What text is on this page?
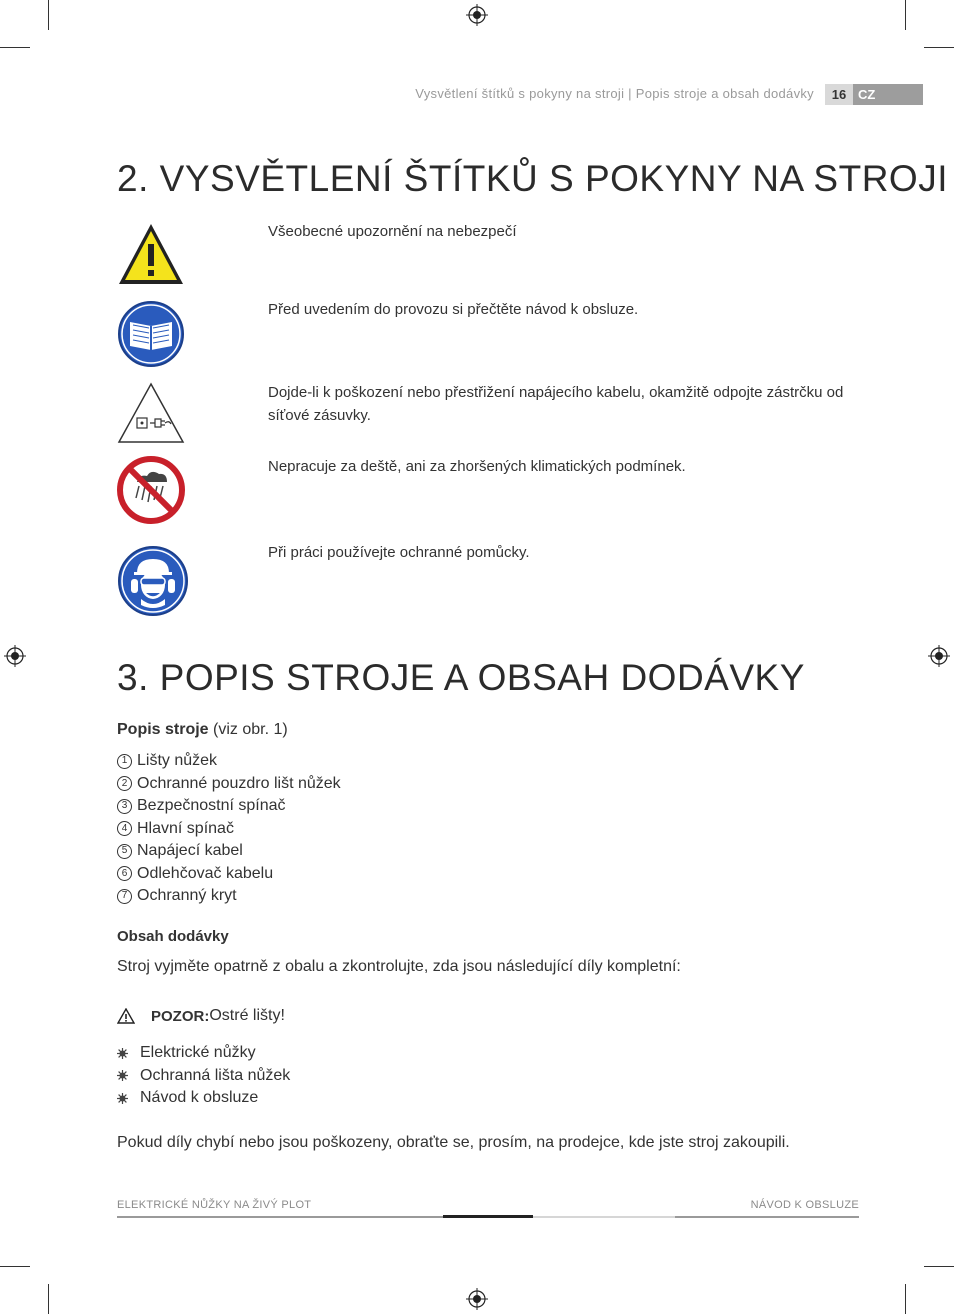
Vysvětlení štítků s pokyny na stroji | Popis stroje a obsah dodávky	16 CZ
2. VYSVĚTLENÍ ŠTÍTKŮ S POKYNY NA STROJI
Všeobecné upozornění na nebezpečí
Před uvedením do provozu si přečtěte návod k obsluze.
Dojde-li k poškození nebo přestřižení napájecího kabelu, okamžitě odpojte zástrčku od síťové zásuvky.
Nepracuje za deště, ani za zhoršených klimatických podmínek.
Při práci používejte ochranné pomůcky.
3. POPIS STROJE A OBSAH DODÁVKY
Popis stroje (viz obr. 1)
1 Lišty nůžek
2 Ochranné pouzdro lišt nůžek
3 Bezpečnostní spínač
4 Hlavní spínač
5 Napájecí kabel
6 Odlehčovač kabelu
7 Ochranný kryt
Obsah dodávky
Stroj vyjměte opatrně z obalu a zkontrolujte, zda jsou následující díly kompletní:
POZOR: Ostré lišty!
Elektrické nůžky
Ochranná lišta nůžek
Návod k obsluze
Pokud díly chybí nebo jsou poškozeny, obraťte se, prosím, na prodejce, kde jste stroj zakoupili.
ELEKTRICKÉ NŮŽKY NA ŽIVÝ PLOT	NÁVOD K OBSLUZE
